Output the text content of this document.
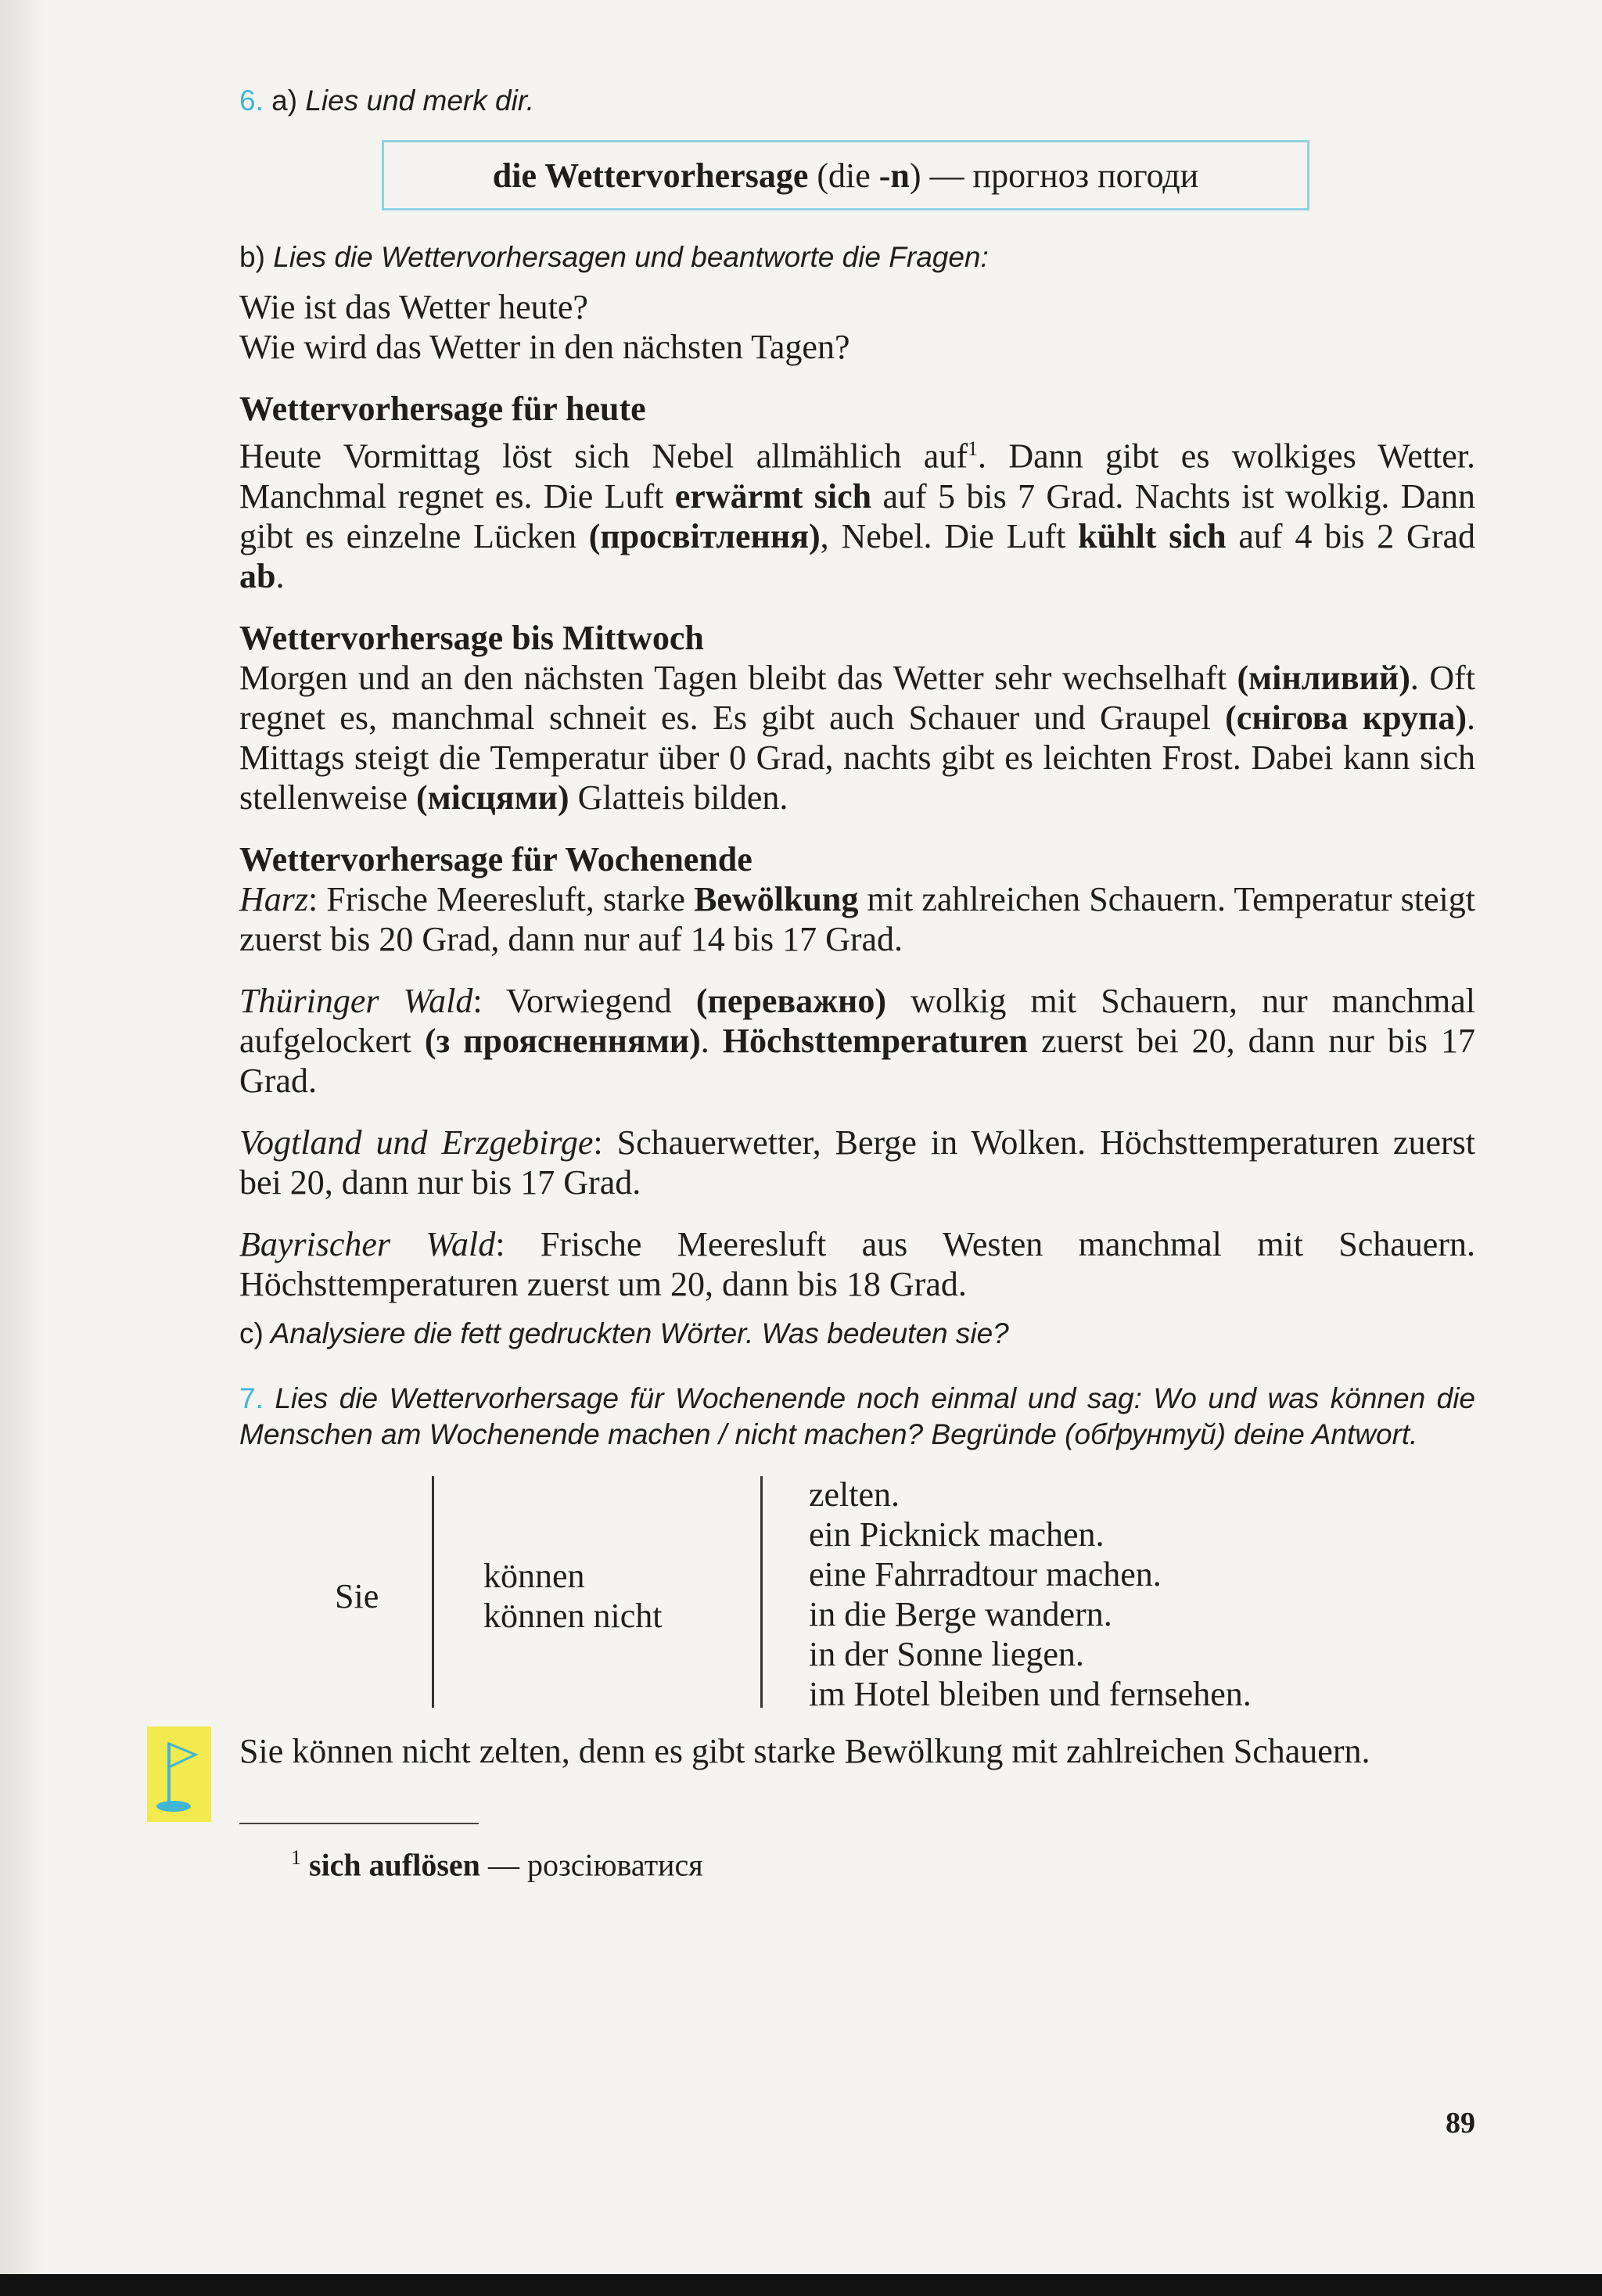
6. a) Lies und merk dir.
die Wettervorhersage (die -n) — прогноз погоди
b) Lies die Wettervorhersagen und beantworte die Fragen:

Wie ist das Wetter heute?

Wie wird das Wetter in den nächsten Tagen?

Wettervorhersage für heute

Heute Vormittag löst sich Nebel allmählich auf$^1$. Dann gibt es wolkiges Wetter. Manchmal regnet es. Die Luft erwärmt sich auf 5 bis 7 Grad. Nachts ist wolkig. Dann gibt es einzelne Lücken (просвітлення), Nebel. Die Luft kühlt sich auf 4 bis 2 Grad ab.

Wettervorhersage bis Mittwoch

Morgen und an den nächsten Tagen bleibt das Wetter sehr wechselhaft (мінливий). Oft regnet es, manchmal schneit es. Es gibt auch Schauer und Graupel (снігова крупа). Mittags steigt die Temperatur über 0 Grad, nachts gibt es leichten Frost. Dabei kann sich stellenweise (місцями) Glatteis bilden.

Wettervorhersage für Wochenende

Harz: Frische Meeresluft, starke Bewölkung mit zahlreichen Schauern. Temperatur steigt zuerst bis 20 Grad, dann nur auf 14 bis 17 Grad.

Thüringer Wald: Vorwiegend (переважно) wolkig mit Schauern, nur manchmal aufgelockert (з проясненнями). Höchsttemperaturen zuerst bei 20, dann nur bis 17 Grad.

Vogtland und Erzgebirge: Schauerwetter, Berge in Wolken. Höchsttemperaturen zuerst bei 20, dann nur bis 17 Grad.

Bayrischer Wald: Frische Meeresluft aus Westen manchmal mit Schauern. Höchsttemperaturen zuerst um 20, dann bis 18 Grad.

c) Analysiere die fett gedruckten Wörter. Was bedeuten sie?
7. Lies die Wettervorhersage für Wochenende noch einmal und sag: Wo und was können die Menschen am Wochenende machen / nicht machen? Begründe (обґрунтуй) deine Antwort.
Sie
können
können nicht
zelten.
ein Picknick machen.
eine Fahrradtour machen.
in die Berge wandern.
in der Sonne liegen.
im Hotel bleiben und fernsehen.

Sie können nicht zelten, denn es gibt starke Bewölkung mit zahlreichen Schauern.

$^1$ sich auflösen — розсіюватися
89
